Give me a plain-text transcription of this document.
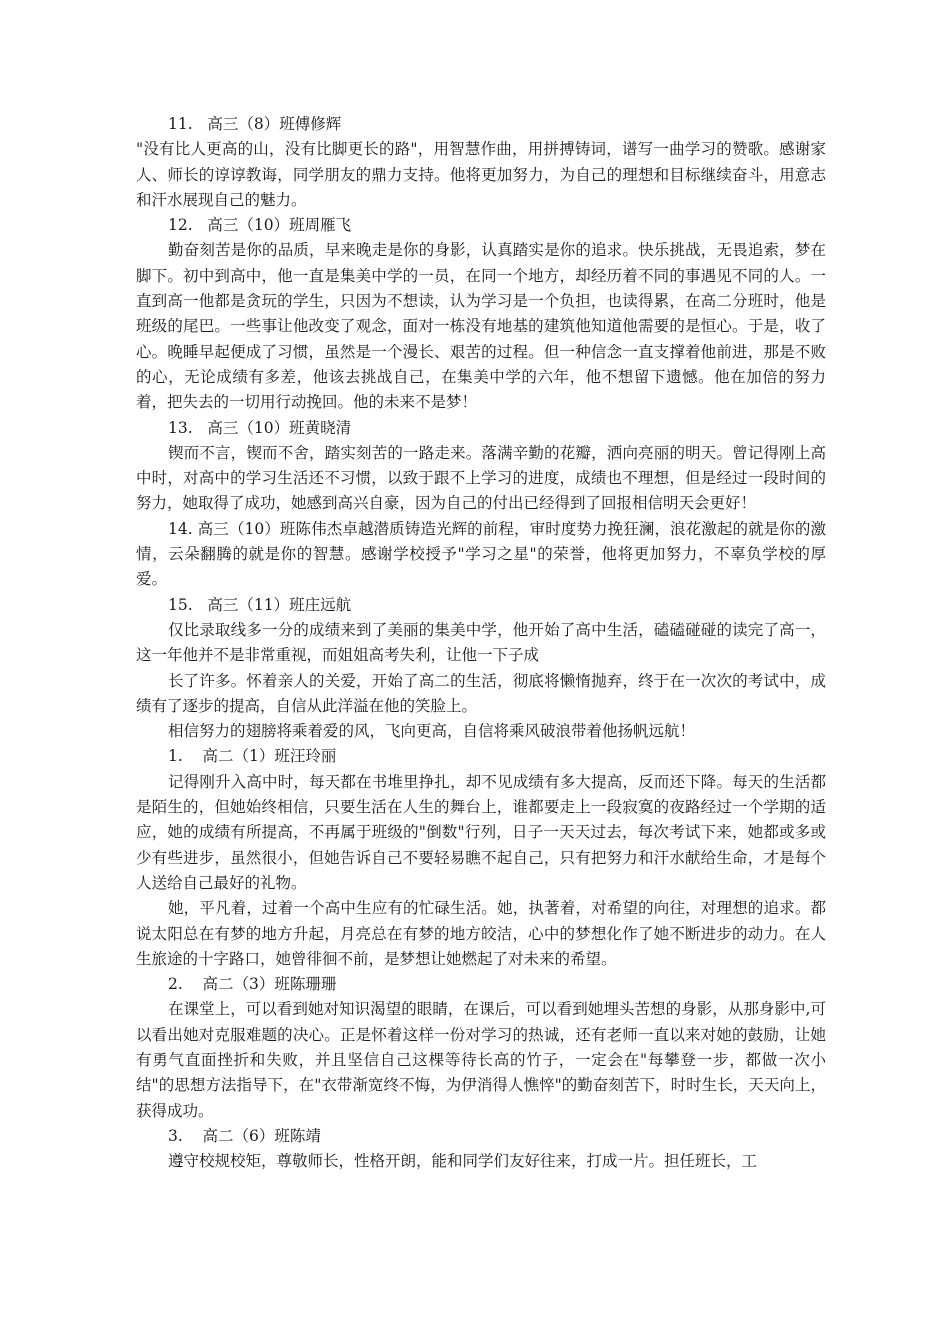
11.   高三（8）班傅修辉

"没有比人更高的山，没有比脚更长的路"，用智慧作曲，用拼搏铸词，谱写一曲学习的赞歌。感谢家人、师长的谆谆教诲，同学朋友的鼎力支持。他将更加努力，为自己的理想和目标继续奋斗，用意志和汗水展现自己的魅力。

12.   高三（10）班周雁飞

勤奋刻苦是你的品质，早来晚走是你的身影，认真踏实是你的追求。快乐挑战，无畏追索，梦在脚下。初中到高中，他一直是集美中学的一员，在同一个地方，却经历着不同的事遇见不同的人。一直到高一他都是贪玩的学生，只因为不想读，认为学习是一个负担，也读得累，在高二分班时，他是班级的尾巴。一些事让他改变了观念，面对一栋没有地基的建筑他知道他需要的是恒心。于是，收了心。晚睡早起便成了习惯，虽然是一个漫长、艰苦的过程。但一种信念一直支撑着他前进，那是不败的心，无论成绩有多差，他该去挑战自己，在集美中学的六年，他不想留下遗憾。他在加倍的努力着，把失去的一切用行动挽回。他的未来不是梦！

13.   高三（10）班黄晓清

锲而不言，锲而不舍，踏实刻苦的一路走来。落满辛勤的花瓣，洒向亮丽的明天。曾记得刚上高中时，对高中的学习生活还不习惯，以致于跟不上学习的进度，成绩也不理想，但是经过一段时间的努力，她取得了成功，她感到高兴自豪，因为自己的付出已经得到了回报相信明天会更好！

14. 高三（10）班陈伟杰卓越潜质铸造光辉的前程，审时度势力挽狂澜，浪花激起的就是你的激情，云朵翻腾的就是你的智慧。感谢学校授予"学习之星"的荣誉，他将更加努力，不辜负学校的厚爱。

15.   高三（11）班庄远航

仅比录取线多一分的成绩来到了美丽的集美中学，他开始了高中生活，磕磕碰碰的读完了高一，这一年他并不是非常重视，而姐姐高考失利，让他一下子成

长了许多。怀着亲人的关爱，开始了高二的生活，彻底将懒惰抛弃，终于在一次次的考试中，成绩有了逐步的提高，自信从此洋溢在他的笑脸上。

相信努力的翅膀将乘着爱的风，飞向更高，自信将乘风破浪带着他扬帆远航！

1.    高二（1）班汪玲丽

记得刚升入高中时，每天都在书堆里挣扎，却不见成绩有多大提高，反而还下降。每天的生活都是陌生的，但她始终相信，只要生活在人生的舞台上，谁都要走上一段寂寞的夜路经过一个学期的适应，她的成绩有所提高，不再属于班级的"倒数"行列，日子一天天过去，每次考试下来，她都或多或少有些进步，虽然很小，但她告诉自己不要轻易瞧不起自己，只有把努力和汗水献给生命，才是每个人送给自己最好的礼物。

她，平凡着，过着一个高中生应有的忙碌生活。她，执著着，对希望的向往，对理想的追求。都说太阳总在有梦的地方升起，月亮总在有梦的地方皎洁，心中的梦想化作了她不断进步的动力。在人生旅途的十字路口，她曾徘徊不前，是梦想让她燃起了对未来的希望。

2.    高二（3）班陈珊珊

在课堂上，可以看到她对知识渴望的眼睛，在课后，可以看到她埋头苦想的身影，从那身影中,可以看出她对克服难题的决心。正是怀着这样一份对学习的热诚，还有老师一直以来对她的鼓励，让她有勇气直面挫折和失败，并且坚信自己这棵等待长高的竹子，一定会在"每攀登一步，都做一次小结"的思想方法指导下，在"衣带渐宽终不悔，为伊消得人憔悴"的勤奋刻苦下，时时生长，天天向上，获得成功。

3.    高二（6）班陈靖

遵守校规校矩，尊敬师长，性格开朗，能和同学们友好往来，打成一片。担任班长，工
